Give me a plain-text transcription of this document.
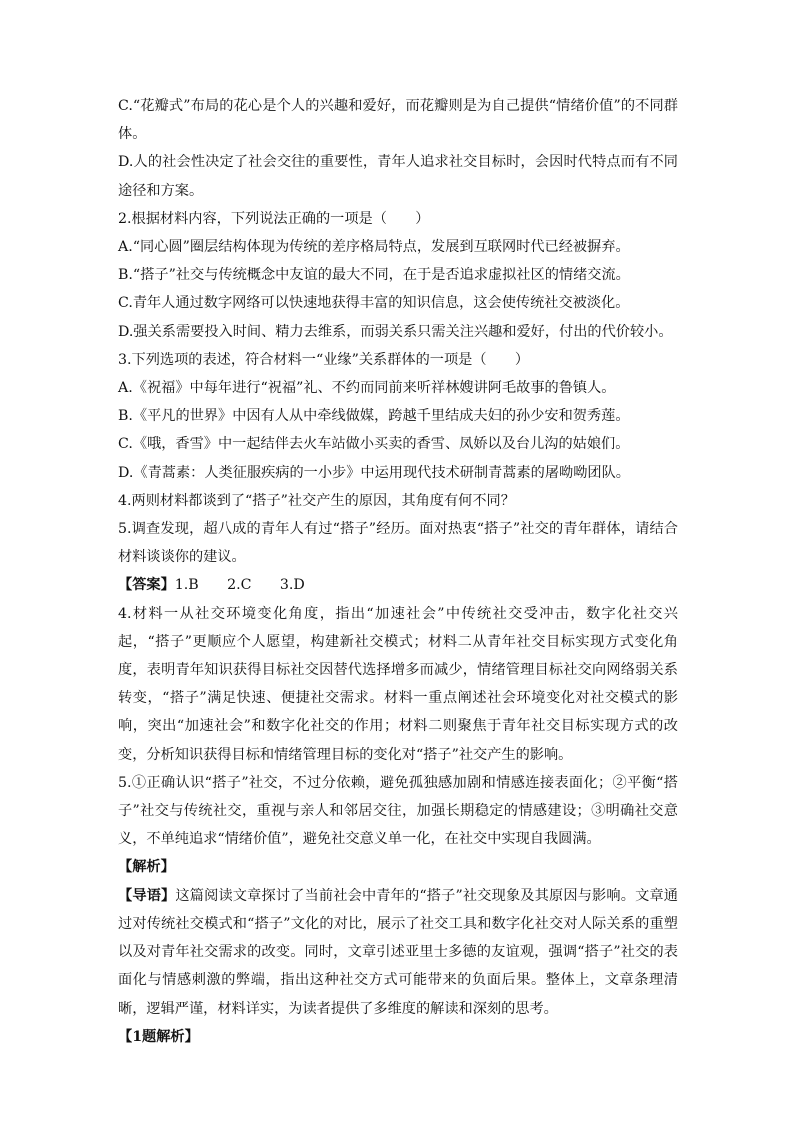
C.“花瓣式”布局的花心是个人的兴趣和爱好，而花瓣则是为自己提供“情绪价值”的不同群体。

D.人的社会性决定了社会交往的重要性，青年人追求社交目标时，会因时代特点而有不同途径和方案。

2.根据材料内容，下列说法正确的一项是（　　）

A.“同心圆”圈层结构体现为传统的差序格局特点，发展到互联网时代已经被摒弃。

B.“搭子”社交与传统概念中友谊的最大不同，在于是否追求虚拟社区的情绪交流。

C.青年人通过数字网络可以快速地获得丰富的知识信息，这会使传统社交被淡化。

D.强关系需要投入时间、精力去维系，而弱关系只需关注兴趣和爱好，付出的代价较小。

3.下列选项的表述，符合材料一“业缘”关系群体的一项是（　　）

A.《祝福》中每年进行“祝福”礼、不约而同前来听祥林嫂讲阿毛故事的鲁镇人。

B.《平凡的世界》中因有人从中牵线做媒，跨越千里结成夫妇的孙少安和贺秀莲。

C.《哦，香雪》中一起结伴去火车站做小买卖的香雪、凤娇以及台儿沟的姑娘们。

D.《青蒿素：人类征服疾病的一小步》中运用现代技术研制青蒿素的屠呦呦团队。

4.两则材料都谈到了“搭子”社交产生的原因，其角度有何不同？

5.调查发现，超八成的青年人有过“搭子”经历。面对热衷“搭子”社交的青年群体，请结合材料谈谈你的建议。

【答案】1.B　　2.C　　3.D

4.材料一从社交环境变化角度，指出“加速社会”中传统社交受冲击，数字化社交兴起，“搭子”更顺应个人愿望，构建新社交模式；材料二从青年社交目标实现方式变化角度，表明青年知识获得目标社交因替代选择增多而减少，情绪管理目标社交向网络弱关系转变，“搭子”满足快速、便捷社交需求。材料一重点阐述社会环境变化对社交模式的影响，突出“加速社会”和数字化社交的作用；材料二则聚焦于青年社交目标实现方式的改变，分析知识获得目标和情绪管理目标的变化对“搭子”社交产生的影响。

5.①正确认识“搭子”社交，不过分依赖，避免孤独感加剧和情感连接表面化；②平衡“搭子”社交与传统社交，重视与亲人和邻居交往，加强长期稳定的情感建设；③明确社交意义，不单纯追求“情绪价值”，避免社交意义单一化，在社交中实现自我圆满。

【解析】

【导语】这篇阅读文章探讨了当前社会中青年的“搭子”社交现象及其原因与影响。文章通过对传统社交模式和“搭子”文化的对比，展示了社交工具和数字化社交对人际关系的重塑以及对青年社交需求的改变。同时，文章引述亚里士多德的友谊观，强调“搭子”社交的表面化与情感刺激的弊端，指出这种社交方式可能带来的负面后果。整体上，文章条理清晰，逻辑严谨，材料详实，为读者提供了多维度的解读和深刻的思考。

【1题解析】
